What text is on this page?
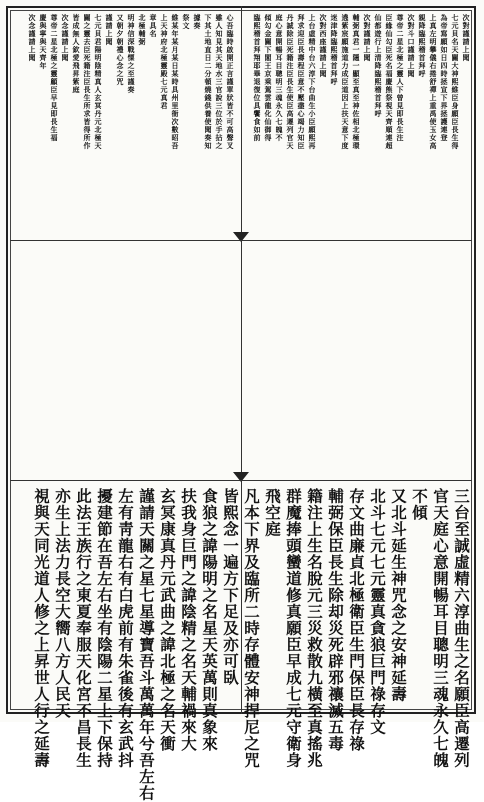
次對謹請上聞
七元貝名天關大神熙維臣身願臣長生得
為帝寫願如日四時拯宣下界拯護連登
上真左明攀儀右捲舒禪上重禹使玉女高
親降臨熙稽首拜呼
次對斗口謹請上聞
尊帝二星北極之靈人下曾見即長生注
臣緣仙勾臣死名福慶熊祭視天齊順連超
仙都遊行上清降臨熙稽首拜呼
次對謹請上聞
輔弼真君一隱一顯至真至神佐相北極環
遶紫宸願施道力成臣道因上扶天意下度
迷津降臨熙稽首拜呼
次對西座謹請上聞
上台虛精中台六淳下台曲生小臣願熙再
拜求迎臣長壽程臣意不壓盡心竭力知臣
丹誠除臣死籍注臣長生使臣高遷列官天
庭心意開暢耳目聰明三魂永久七魄不
傾勾金關下閣王京乘駕雲龍化仙御得
臨熙稽首拜翔耶畢退復位具饗食如前
心吾臨時啟開正言謹單狀皆不可高聲叉
雖人知見其天地水三官說三位於手拈之
下其土地直日二分頓燒錢供養使聞奏知
據奏
祭文
維某年某月某日某時具州里衙次數昭吾
上天神府北極靈殿七元真君
章具名
北極輔弼
明神信深戰慄之至謹奏
又朝夕朝禮心念之咒
謹請上聞
七元貝君陽明陰精真人玄冥丹元北極天
關之靈去臣死籍注臣長生所求皆得所作
皆成無人欽愛飛昇紫庭
次念謹請上聞
尊帝二星北極之靈顧臣早見即長生福
慶與寧與天齊年
次念謹請上聞
三台至誠虛精六淳曲生之名願臣高遷列
官天庭心意開暢耳目聰明三魂永久七魄
不傾
又北斗延生神咒念之安神延壽
北斗七元七元靈真貪狼巨門祿存文
存文曲廉貞北極衛臣生門保臣長存祿
輔弼保臣長生除却災死辟邪禳滅五毒
籍注上生名脫元三災救散九橫至真搖兆
群魔捧頭蠻道修真願臣早成七元守衛身
飛空庭
凡本下界及臨所二時存體安神捍尼之咒
皆熙念一遍方下足及亦可臥
食狼之諱陽明之名星天英萬則真象來
扶我身巨門之諱陰精之名天輔禍來大
玄冥康真丹元武曲之諱北極之名天衝
謹請天關之星七星導寶吾斗萬萬年兮吾左右
左有靑龍右有白虎前有朱雀後有玄武抖
擾建節在吾左右坐有陰陽二星上下保持
此法王族行之東夏奉服天化宮不昌長生
亦生上法力長空大嚮八方人民天
視與天同光道人修之上昇世人行之延壽
